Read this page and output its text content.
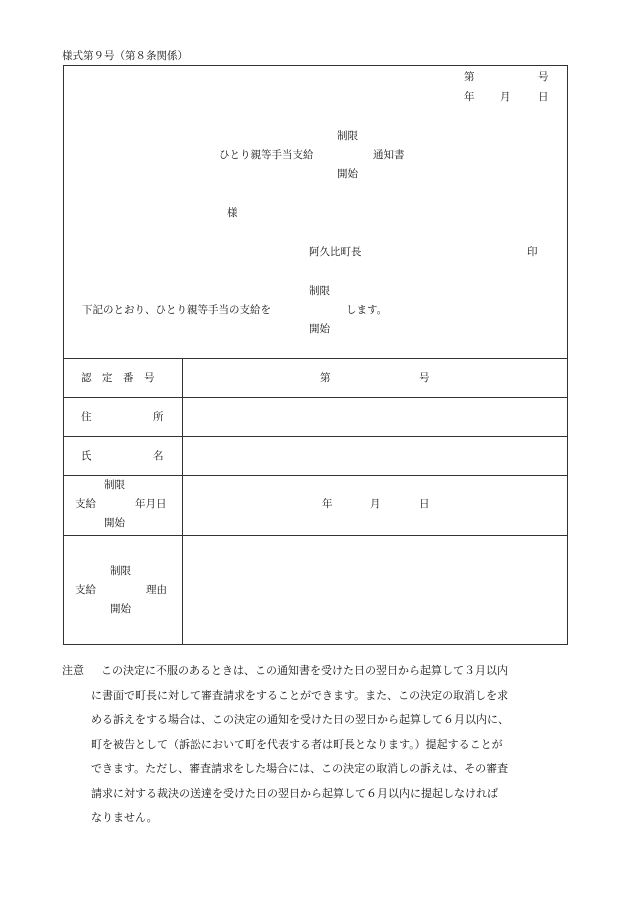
様式第９号（第８条関係）
第	号
年 月	日
制限
ひとり親等手当支給	通知書
開始
様
阿久比町長	印
制限
下記のとおり、ひとり親等手当の支給を	します。
開始
認　定　番　号	第	号
住	所
氏	名
制限
支給	年月日
開始
年	月	日
制限
支給	理由
開始
注意 この決定に不服のあるときは、この通知書を受けた日の翌日から起算して３月以内
に書面で町長に対して審査請求をすることができます。また、この決定の取消しを求
める訴えをする場合は、この決定の通知を受けた日の翌日から起算して６月以内に、
町を被告として（訴訟において町を代表する者は町長となります。）提起することが
できます。ただし、審査請求をした場合には、この決定の取消しの訴えは、その審査
請求に対する裁決の送達を受けた日の翌日から起算して６月以内に提起しなければ
なりません。
